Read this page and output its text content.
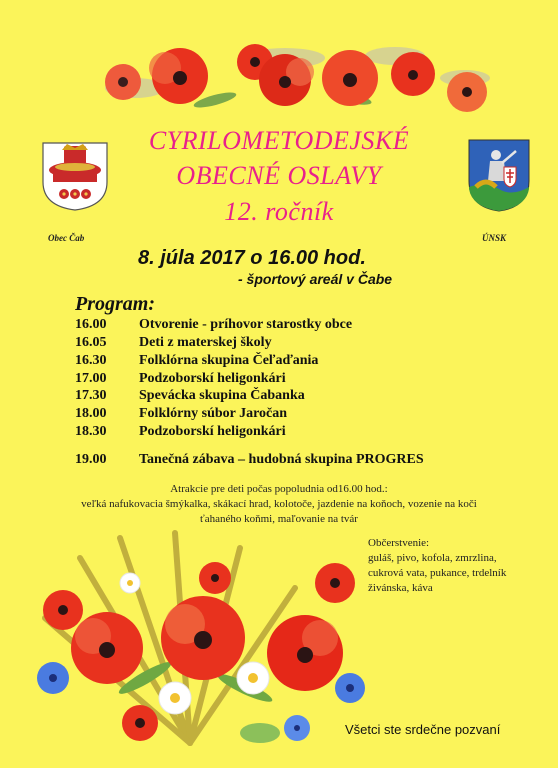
Obec Čab	ÚNSK
CYRILOMETODEJSKÉ
OBECNÉ OSLAVY
12. ročník
8. júla 2017 o 16.00 hod.
- športový areál v Čabe
Program:
16.00 Otvorenie - príhovor starostky obce
16.05 Deti z materskej školy
16.30 Folklórna skupina Čeľaďania
17.00 Podzoborskí heligonkári
17.30 Spevácka skupina Čabanka
18.00 Folklórny súbor Jaročan
18.30 Podzoborskí heligonkári
19.00 Tanečná zábava – hudobná skupina PROGRES
Atrakcie pre deti počas popoludnia od16.00 hod.:
veľká nafukovacia šmýkalka, skákací hrad, kolotoče, jazdenie na koňoch, vozenie na koči
ťahaného koňmi, maľovanie na tvár
Občerstvenie:
guláš, pivo, kofola, zmrzlina,
cukrová vata, pukance, trdelník
živánska, káva
Všetci ste srdečne pozvaní
